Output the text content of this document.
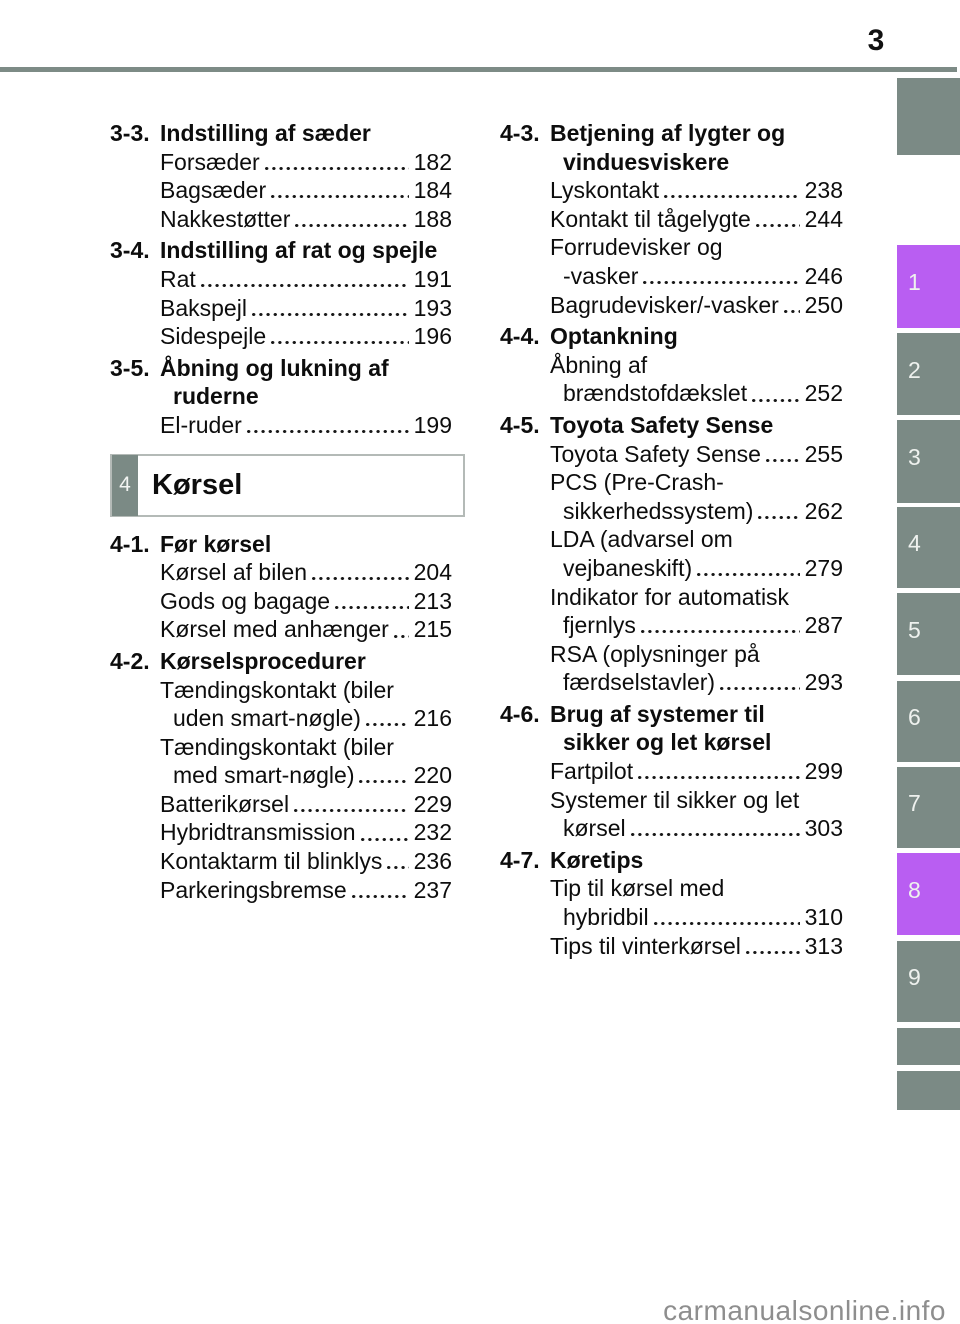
3
3-3. Indstilling af sæder
Forsæder	182
Bagsæder	184
Nakkestøtter	188
3-4. Indstilling af rat og spejle
Rat	191
Bakspejl	193
Sidespejle	196
3-5. Åbning og lukning af
ruderne
El-ruder	199
4 Kørsel
4-1. Før kørsel
Kørsel af bilen	204
Gods og bagage	213
Kørsel med anhænger 215
4-2. Kørselsprocedurer
Tændingskontakt (biler
uden smart-nøgle) 216
Tændingskontakt (biler
med smart-nøgle)	220
Batterikørsel	229
Hybridtransmission	232
Kontaktarm til blinklys 236
Parkeringsbremse	237
4-3. Betjening af lygter og
vinduesviskere
Lyskontakt	238
Kontakt til tågelygte 244
Forrudevisker og
-vasker	246
Bagrudevisker/-vasker 250
4-4. Optankning
Åbning af
brændstofdækslet	252
4-5. Toyota Safety Sense
Toyota Safety Sense 255
PCS (Pre-Crash-
sikkerhedssystem) 262
LDA (advarsel om
vejbaneskift)	279
Indikator for automatisk
fjernlys	287
RSA (oplysninger på
færdselstavler)	293
4-6. Brug af systemer til
sikker og let kørsel
Fartpilot	299
Systemer til sikker og let
kørsel	303
4-7. Køretips
Tip til kørsel med
hybridbil	310
Tips til vinterkørsel	313
1
2
3
4
5
6
7
8
9
carmanualsonline.info
